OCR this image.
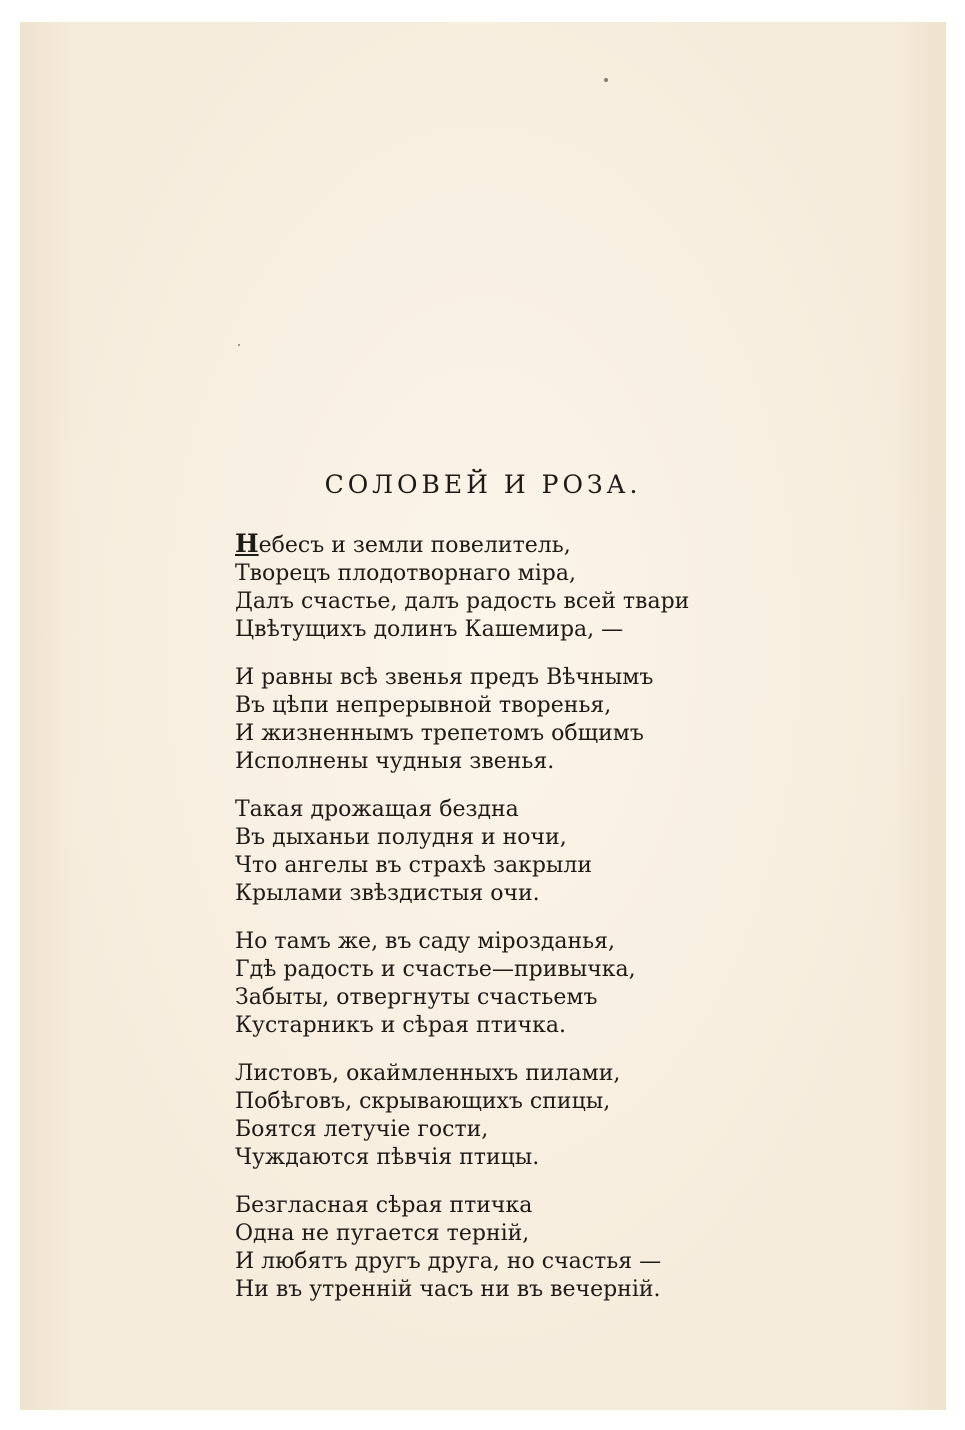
СОЛОВЕЙ И РОЗА.
Небесъ и земли повелитель,
Творецъ плодотворнаго міра,
Далъ счастье, далъ радость всей твари
Цвѣтущихъ долинъ Кашемира, —
И равны всѣ звенья предъ Вѣчнымъ
Въ цѣпи непрерывной творенья,
И жизненнымъ трепетомъ общимъ
Исполнены чудныя звенья.
Такая дрожащая бездна
Въ дыханьи полудня и ночи,
Что ангелы въ страхѣ закрыли
Крылами звѣздистыя очи.
Но тамъ же, въ саду мірозданья,
Гдѣ радость и счастье—привычка,
Забыты, отвергнуты счастьемъ
Кустарникъ и сѣрая птичка.
Листовъ, окаймленныхъ пилами,
Побѣговъ, скрывающихъ спицы,
Боятся летучіе гости,
Чуждаются пѣвчія птицы.
Безгласная сѣрая птичка
Одна не пугается терній,
И любятъ другъ друга, но счастья —
Ни въ утренній часъ ни въ вечерній.
